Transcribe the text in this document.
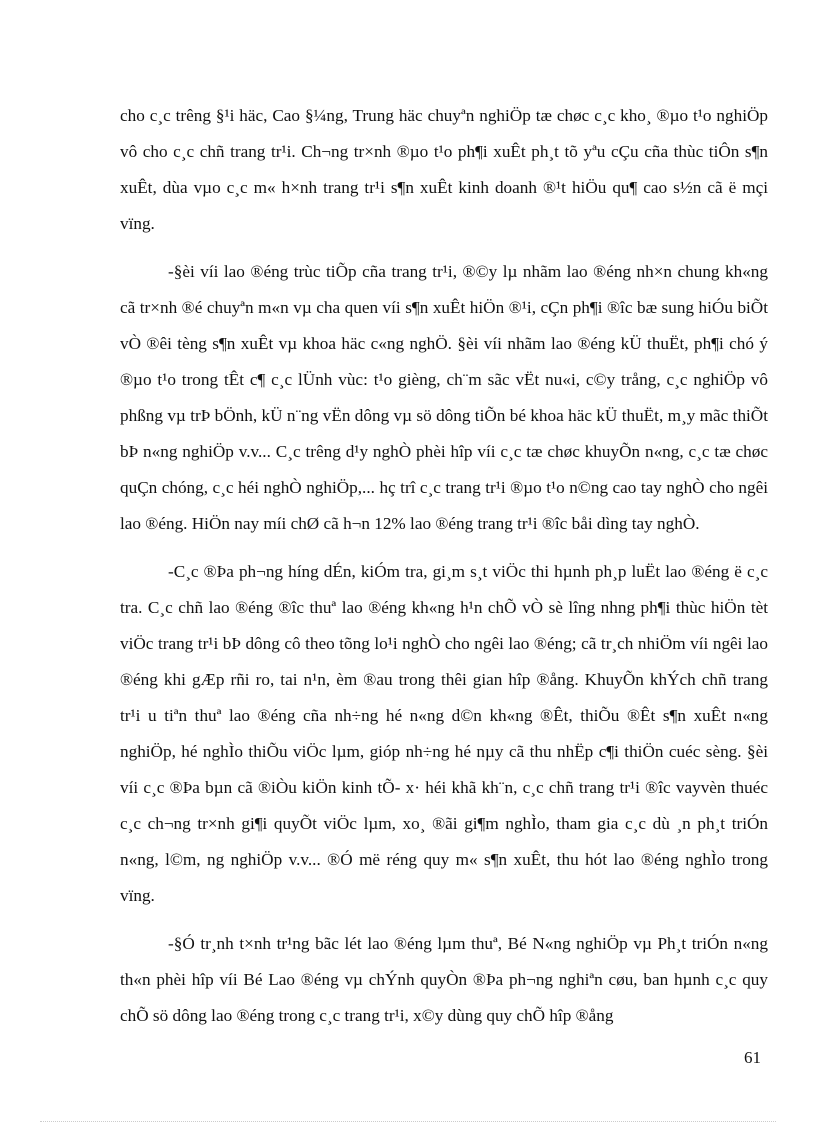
cho c¸c trêng §¹i häc, Cao §¼ng, Trung häc chuyªn nghiÖp tæ chøc c¸c kho¸ ®µo t¹o nghiÖp vô cho c¸c chñ trang tr¹i. Ch¬ng tr×nh ®µo t¹o ph¶i xuÊt ph¸t tõ yªu cÇu cña thùc tiÔn s¶n xuÊt, dùa vµo c¸c m« h×nh trang tr¹i s¶n xuÊt kinh doanh ®¹t hiÖu qu¶ cao s½n cã ë mçi vïng.

-§èi víi lao ®éng trùc tiÕp cña trang tr¹i, ®©y lµ nhãm lao ®éng nh×n chung kh«ng cã tr×nh ®é chuyªn m«n vµ cha quen víi s¶n xuÊt hiÖn ®¹i, cÇn ph¶i ®îc bæ sung hiÓu biÕt vÒ ®êi tèng s¶n xuÊt vµ khoa häc c«ng nghÖ. §èi víi nhãm lao ®éng kÜ thuËt, ph¶i chó ý ®µo t¹o trong tÊt c¶ c¸c lÜnh vùc: t¹o gièng, ch¨m sãc vËt nu«i, c©y trång, c¸c nghiÖp vô phßng vµ trÞ bÖnh, kÜ n¨ng vËn dông vµ sö dông tiÕn bé khoa häc kÜ thuËt, m¸y mãc thiÕt bÞ n«ng nghiÖp v.v... C¸c trêng d¹y nghÒ phèi hîp víi c¸c tæ chøc khuyÕn n«ng, c¸c tæ chøc quÇn chóng, c¸c héi nghÒ nghiÖp,... hç trî c¸c trang tr¹i ®µo t¹o n©ng cao tay nghÒ cho ngêi lao ®éng. HiÖn nay míi chØ cã h¬n 12% lao ®éng trang tr¹i ®îc båi dìng tay nghÒ.

-C¸c ®Þa ph¬ng híng dÉn, kiÓm tra, gi¸m s¸t viÖc thi hµnh ph¸p luËt lao ®éng ë c¸c tra. C¸c chñ lao ®éng ®îc thuª lao ®éng kh«ng h¹n chÕ vÒ sè lîng nhng ph¶i thùc hiÖn tèt viÖc trang tr¹i bÞ dông cô theo tõng lo¹i nghÒ cho ngêi lao ®éng; cã tr¸ch nhiÖm víi ngêi lao ®éng khi gÆp rñi ro, tai n¹n, èm ®au trong thêi gian hîp ®ång. KhuyÕn khÝch chñ trang tr¹i u tiªn thuª lao ®éng cña nh÷ng hé n«ng d©n kh«ng ®Êt, thiÕu ®Êt s¶n xuÊt n«ng nghiÖp, hé nghÌo thiÕu viÖc lµm, gióp nh÷ng hé nµy cã thu nhËp c¶i thiÖn cuéc sèng. §èi víi c¸c ®Þa bµn cã ®iÒu kiÖn kinh tÕ- x· héi khã kh¨n, c¸c chñ trang tr¹i ®îc vayvèn thuéc c¸c ch¬ng tr×nh gi¶i quyÕt viÖc lµm, xo¸ ®ãi gi¶m nghÌo, tham gia c¸c dù ¸n ph¸t triÓn n«ng, l©m, ng nghiÖp v.v... ®Ó më réng quy m« s¶n xuÊt, thu hót lao ®éng nghÌo trong vïng.

-§Ó tr¸nh t×nh tr¹ng bãc lét lao ®éng lµm thuª, Bé N«ng nghiÖp vµ Ph¸t triÓn n«ng th«n phèi hîp víi Bé Lao ®éng vµ chÝnh quyÒn ®Þa ph¬ng nghiªn cøu, ban hµnh c¸c quy chÕ sö dông lao ®éng trong c¸c trang tr¹i, x©y dùng quy chÕ hîp ®ång

61
